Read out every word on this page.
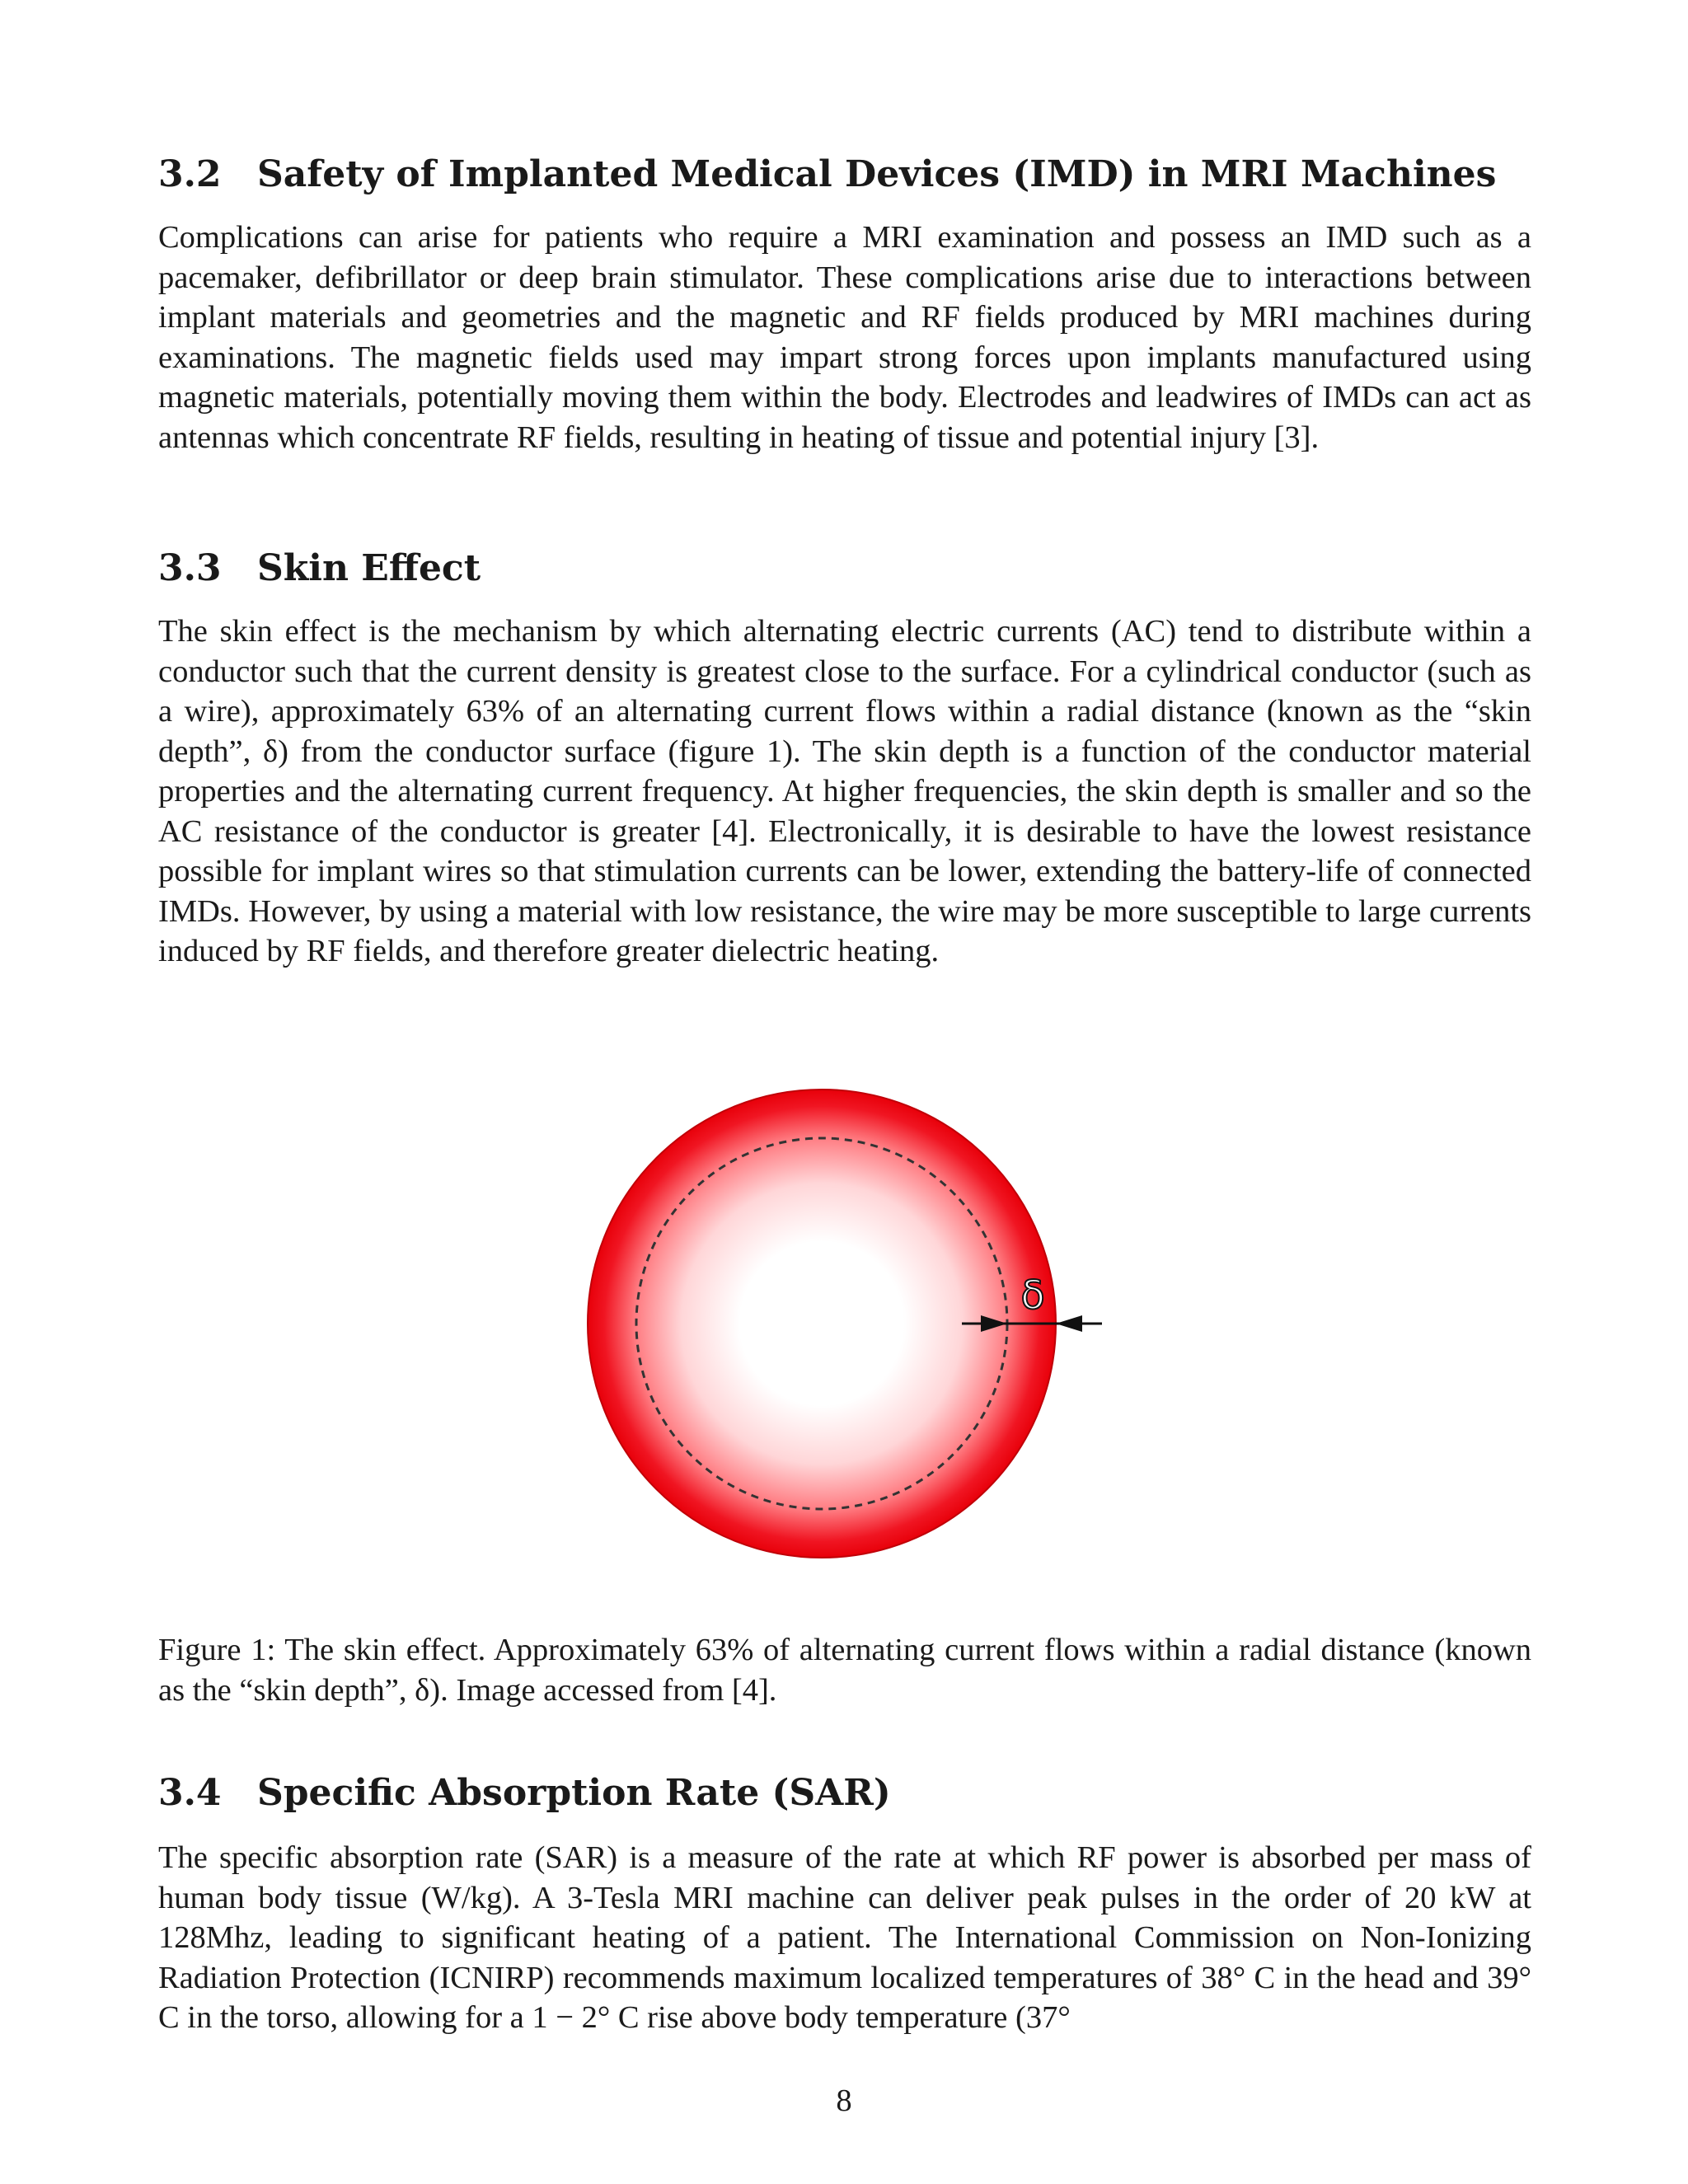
3.2 Safety of Implanted Medical Devices (IMD) in MRI Machines

Complications can arise for patients who require a MRI examination and possess an IMD such as a pacemaker, defibrillator or deep brain stimulator. These complications arise due to interactions between implant materials and geometries and the magnetic and RF fields produced by MRI machines during examinations. The magnetic fields used may impart strong forces upon implants manufactured using magnetic materials, potentially moving them within the body. Electrodes and leadwires of IMDs can act as antennas which concentrate RF fields, resulting in heating of tissue and potential injury [3].

3.3 Skin Effect

The skin effect is the mechanism by which alternating electric currents (AC) tend to distribute within a conductor such that the current density is greatest close to the surface. For a cylindrical conductor (such as a wire), approximately 63% of an alternating current flows within a radial distance (known as the “skin depth”, δ) from the conductor surface (figure 1). The skin depth is a function of the conductor material properties and the alternating current frequency. At higher frequencies, the skin depth is smaller and so the AC resistance of the conductor is greater [4]. Electronically, it is desirable to have the lowest resistance possible for implant wires so that stimulation currents can be lower, extending the battery-life of connected IMDs. However, by using a material with low resistance, the wire may be more susceptible to large currents induced by RF fields, and therefore greater dielectric heating.

δ

Figure 1: The skin effect. Approximately 63% of alternating current flows within a radial distance (known as the “skin depth”, δ). Image accessed from [4].

3.4 Specific Absorption Rate (SAR)

The specific absorption rate (SAR) is a measure of the rate at which RF power is absorbed per mass of human body tissue (W/kg). A 3-Tesla MRI machine can deliver peak pulses in the order of 20 kW at 128Mhz, leading to significant heating of a patient. The International Commission on Non-Ionizing Radiation Protection (ICNIRP) recommends maximum localized temperatures of 38° C in the head and 39° C in the torso, allowing for a 1 − 2° C rise above body temperature (37°

8
